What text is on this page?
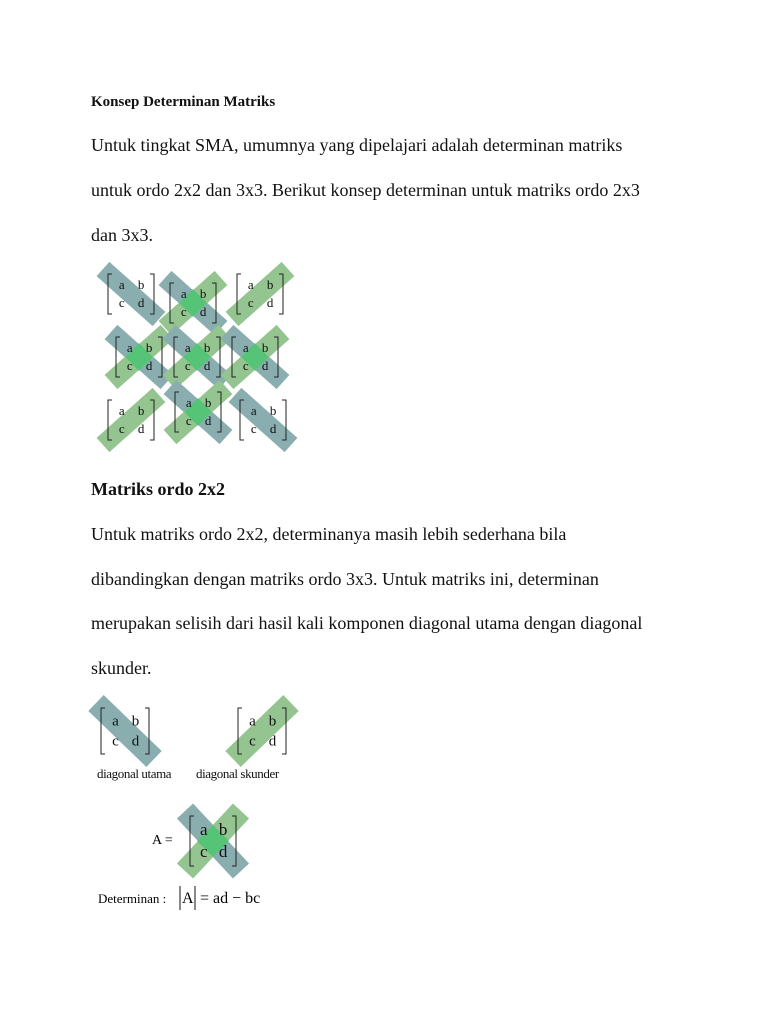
Konsep Determinan Matriks
Untuk tingkat SMA, umumnya yang dipelajari adalah determinan matriks
untuk ordo 2x2 dan 3x3. Berikut konsep determinan untuk matriks ordo 2x3
dan 3x3.
a b
c d
a b
c d
a b
c d
a b
c d
a b
c d
a b
c d
a b
c d
a b
c d
a b
c d
a b
c d
a b
c d
a b
c d
A =
Determinan : A = ad − bc
diagonal utama diagonal skunder
Matriks ordo 2x2
Untuk matriks ordo 2x2, determinanya masih lebih sederhana bila
dibandingkan dengan matriks ordo 3x3. Untuk matriks ini, determinan
merupakan selisih dari hasil kali komponen diagonal utama dengan diagonal
skunder.
